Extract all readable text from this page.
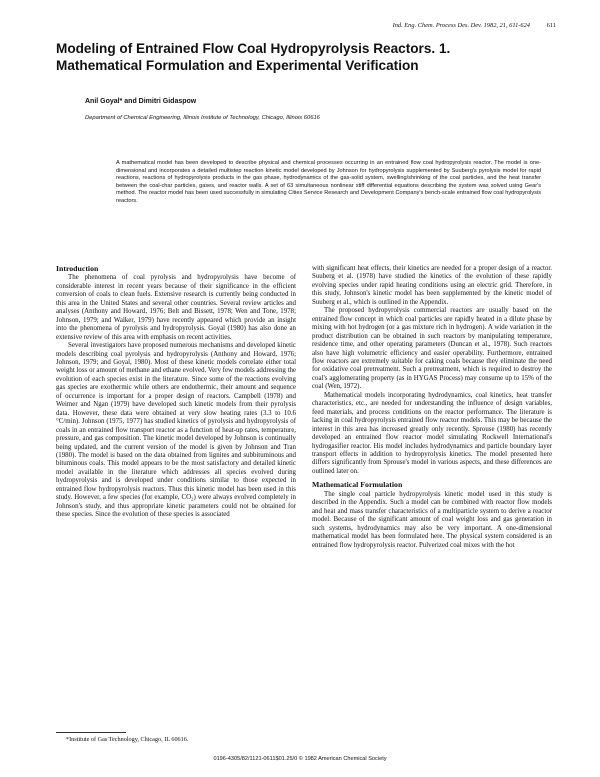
Ind. Eng. Chem. Process Des. Dev. 1982, 21, 611-624	611
Modeling of Entrained Flow Coal Hydropyrolysis Reactors. 1.
Mathematical Formulation and Experimental Verification
Anil Goyal* and Dimitri Gidaspow
Department of Chemical Engineering, Illinois Institute of Technology, Chicago, Illinois 60616
A mathematical model has been developed to describe physical and chemical processes occurring in an entrained flow coal hydropyrolysis reactor. The model is one-dimensional and incorporates a detailed multistep reaction kinetic model developed by Johnson for hydropyrolysis supplemented by Suuberg's pyrolysis model for rapid reactions, reactions of hydropyrolysis products in the gas phase, hydrodynamics of the gas-solid system, swelling/shrinking of the coal particles, and the heat transfer between the coal-char particles, gases, and reactor walls. A set of 63 simultaneous nonlinear stiff differential equations describing the system was solved using Gear's method. The reactor model has been used successfully in simulating Cities Service Research and Development Company's bench-scale entrained flow coal hydropyrolysis reactors.
Introduction

The phenomena of coal pyrolysis and hydropyrolysis have become of considerable interest in recent years because of their significance in the efficient conversion of coals to clean fuels. Extensive research is currently being conducted in this area in the United States and several other countries. Several review articles and analyses (Anthony and Howard, 1976; Belt and Bissett, 1978; Wen and Tone, 1978; Johnson, 1979; and Walker, 1979) have recently appeared which provide an insight into the phenomena of pyrolysis and hydropyrolysis. Goyal (1980) has also done an extensive review of this area with emphasis on recent activities.

Several investigators have proposed numerous mechanisms and developed kinetic models describing coal pyrolysis and hydropyrolysis (Anthony and Howard, 1976; Johnson, 1979; and Goyal, 1980). Most of these kinetic models correlate either total weight loss or amount of methane and ethane evolved. Very few models addressing the evolution of each species exist in the literature. Since some of the reactions evolving gas species are exothermic while others are endothermic, their amount and sequence of occurrence is important for a proper design of reactors. Campbell (1978) and Weimer and Ngan (1979) have developed such kinetic models from their pyrolysis data. However, these data were obtained at very slow heating rates (3.3 to 10.6 °C/min). Johnson (1975, 1977) has studied kinetics of pyrolysis and hydropyrolysis of coals in an entrained flow transport reactor as a function of heat-up rates, temperature, pressure, and gas composition. The kinetic model developed by Johnson is continually being updated, and the current version of the model is given by Johnson and Tran (1980). The model is based on the data obtained from lignites and subbituminous and bituminous coals. This model appears to be the most satisfactory and detailed kinetic model available in the literature which addresses all species evolved during hydropyrolysis and is developed under conditions similar to those expected in entrained flow hydropyrolysis reactors. Thus this kinetic model has been used in this study. However, a few species (for example, CO₂) were always evolved completely in Johnson's study, and thus appropriate kinetic parameters could not be obtained for these species. Since the evolution of these species is associated

*Institute of Gas Technology, Chicago, IL 60616.

with significant heat effects, their kinetics are needed for a proper design of a reactor. Suuberg et al. (1978) have studied the kinetics of the evolution of these rapidly evolving species under rapid heating conditions using an electric grid. Therefore, in this study, Johnson's kinetic model has been supplemented by the kinetic model of Suuberg et al., which is outlined in the Appendix.

The proposed hydropyrolysis commercial reactors are usually based on the entrained flow concept in which coal particles are rapidly heated in a dilute phase by mixing with hot hydrogen (or a gas mixture rich in hydrogen). A wide variation in the product distribution can be obtained in such reactors by manipulating temperature, residence time, and other operating parameters (Duncan et al., 1978). Such reactors also have high volumetric efficiency and easier operability. Furthermore, entrained flow reactors are extremely suitable for caking coals because they eliminate the need for oxidative coal pretreatment. Such a pretreatment, which is required to destroy the coal's agglomerating property (as in HYGAS Process) may consume up to 15% of the coal (Wen, 1972).

Mathematical models incorporating hydrodynamics, coal kinetics, heat transfer characteristics, etc., are needed for understanding the influence of design variables, feed materials, and process conditions on the reactor performance. The literature is lacking in coal hydropyrolysis entrained flow reactor models. This may be because the interest in this area has increased greatly only recently. Sprouse (1980) has recently developed an entrained flow reactor model simulating Rockwell International's hydrogasifier reactor. His model includes hydrodynamics and particle boundary layer transport effects in addition to hydropyrolysis kinetics. The model presented here differs significantly from Sprouse's model in various aspects, and these differences are outlined later on.

Mathematical Formulation

The single coal particle hydropyrolysis kinetic model used in this study is described in the Appendix. Such a model can be combined with reactor flow models and heat and mass transfer characteristics of a multiparticle system to derive a reactor model. Because of the significant amount of coal weight loss and gas generation in such systems, hydrodynamics may also be very important. A one-dimensional mathematical model has been formulated here. The physical system considered is an entrained flow hydropyrolysis reactor. Pulverized coal mixes with the hot

0196-4305/82/1121-0611$01.25/0 © 1982 American Chemical Society
